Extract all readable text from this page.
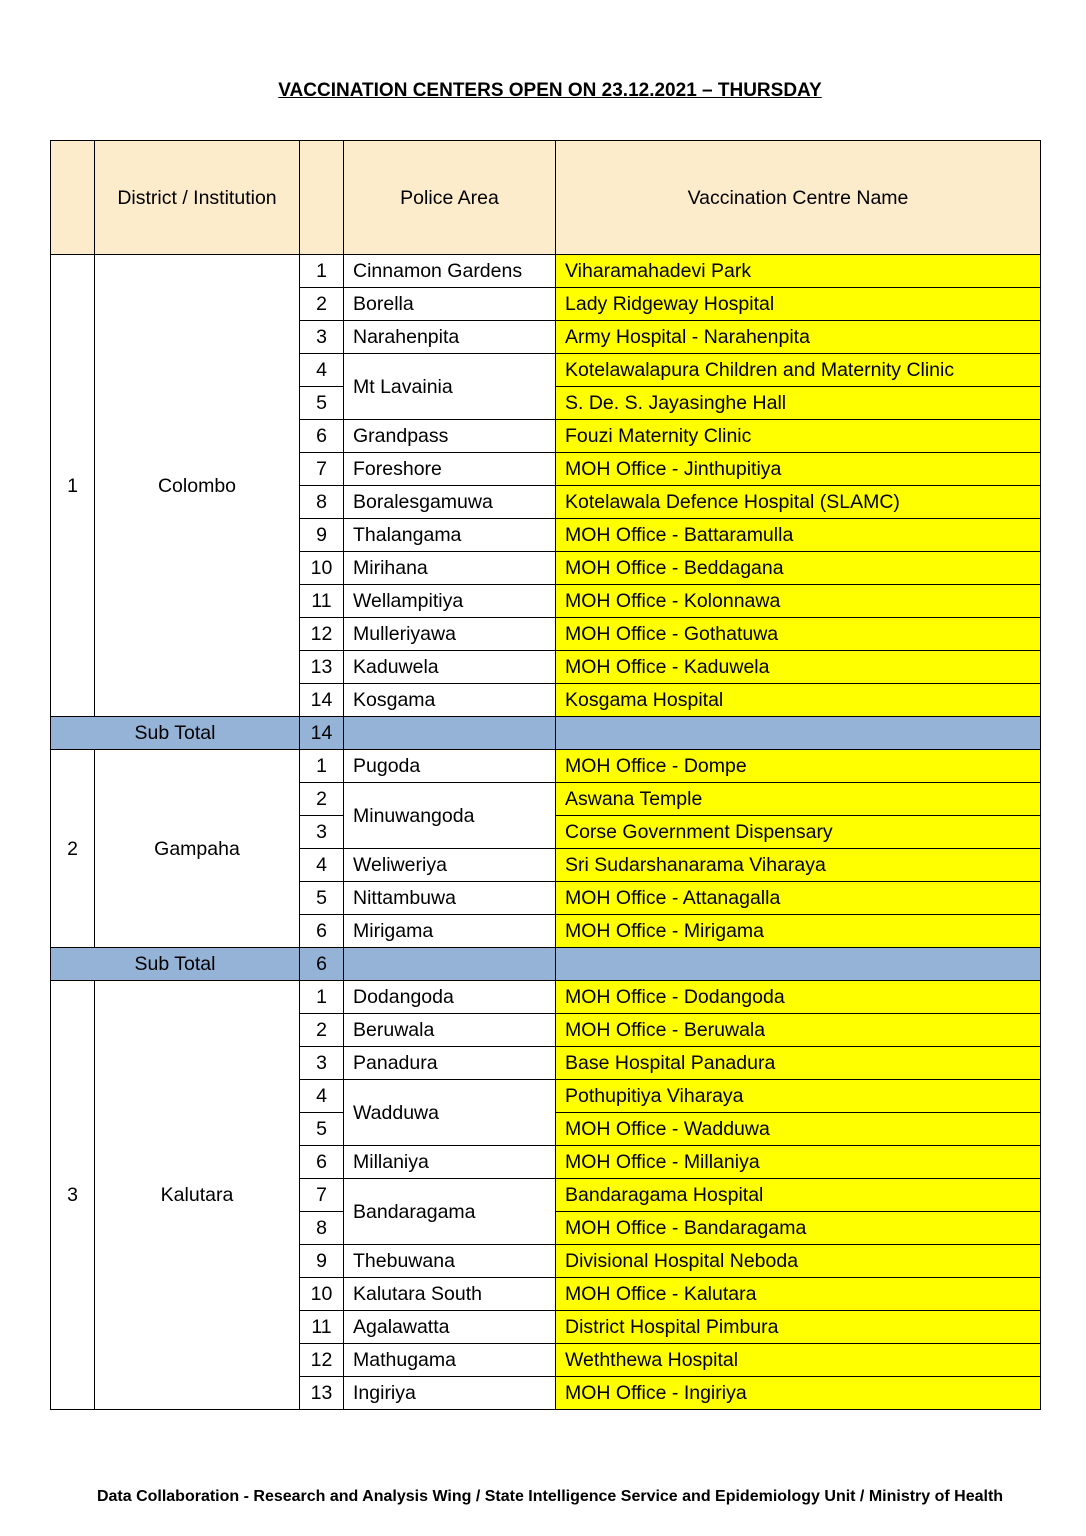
VACCINATION CENTERS OPEN ON 23.12.2021 – THURSDAY
	District / Institution		Police Area	Vaccination Centre Name
1	Colombo	1	Cinnamon Gardens	Viharamahadevi Park
		2	Borella	Lady Ridgeway Hospital
		3	Narahenpita	Army Hospital - Narahenpita
		4	Mt Lavainia	Kotelawalapura Children and Maternity Clinic
		5		S. De. S. Jayasinghe Hall
		6	Grandpass	Fouzi Maternity Clinic
		7	Foreshore	MOH Office - Jinthupitiya
		8	Boralesgamuwa	Kotelawala Defence Hospital (SLAMC)
		9	Thalangama	MOH Office - Battaramulla
		10	Mirihana	MOH Office - Beddagana
		11	Wellampitiya	MOH Office - Kolonnawa
		12	Mulleriyawa	MOH Office - Gothatuwa
		13	Kaduwela	MOH Office - Kaduwela
		14	Kosgama	Kosgama Hospital
Sub Total		14		
2	Gampaha	1	Pugoda	MOH Office - Dompe
		2	Minuwangoda	Aswana Temple
		3		Corse Government Dispensary
		4	Weliweriya	Sri Sudarshanarama Viharaya
		5	Nittambuwa	MOH Office - Attanagalla
		6	Mirigama	MOH Office - Mirigama
Sub Total		6		
3	Kalutara	1	Dodangoda	MOH Office - Dodangoda
		2	Beruwala	MOH Office - Beruwala
		3	Panadura	Base Hospital Panadura
		4	Wadduwa	Pothupitiya Viharaya
		5		MOH Office - Wadduwa
		6	Millaniya	MOH Office - Millaniya
		7	Bandaragama	Bandaragama Hospital
		8		MOH Office - Bandaragama
		9	Thebuwana	Divisional Hospital Neboda
		10	Kalutara South	MOH Office - Kalutara
		11	Agalawatta	District Hospital Pimbura
		12	Mathugama	Weththewa Hospital
		13	Ingiriya	MOH Office - Ingiriya
Data Collaboration - Research and Analysis Wing / State Intelligence Service and Epidemiology Unit / Ministry of Health
